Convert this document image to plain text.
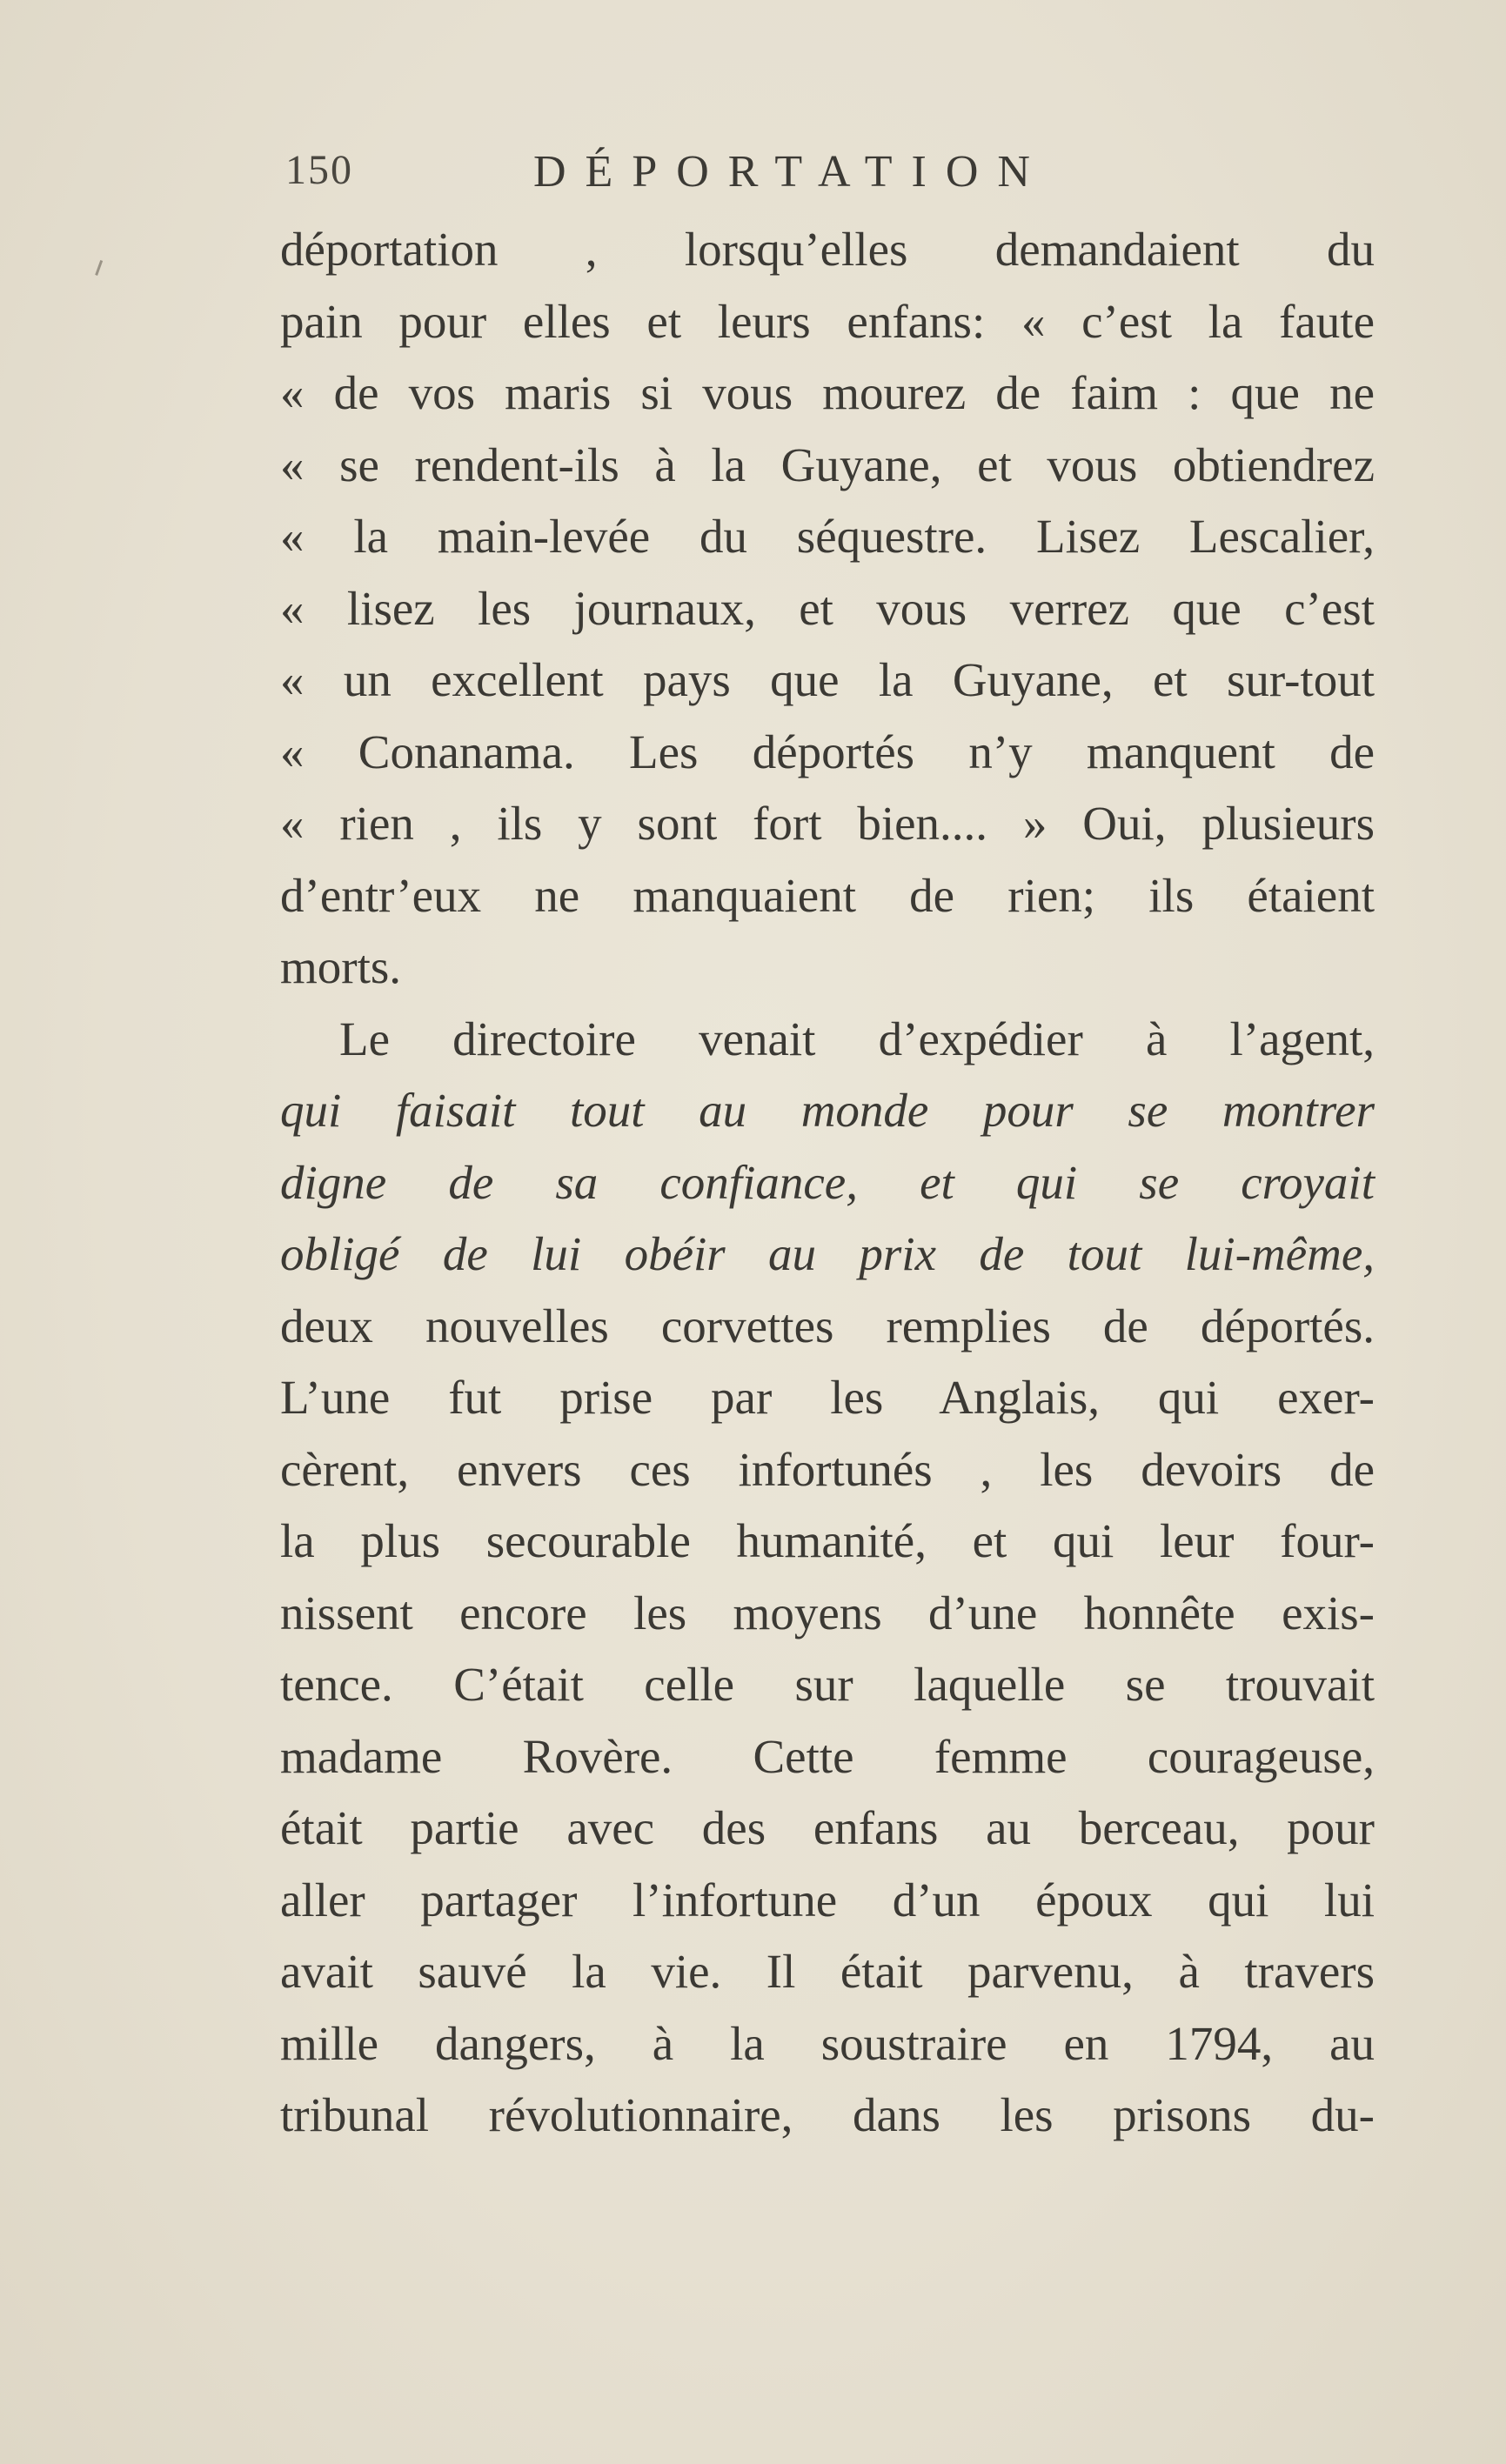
150	DÉPORTATION
déportation , lorsqu’elles demandaient du
pain pour elles et leurs enfans: « c’est la faute
« de vos maris si vous mourez de faim : que ne
« se rendent-ils à la Guyane, et vous obtiendrez
« la main-levée du séquestre. Lisez Lescalier,
« lisez les journaux, et vous verrez que c’est
« un excellent pays que la Guyane, et sur-tout
« Conanama. Les déportés n’y manquent de
« rien , ils y sont fort bien.... » Oui, plusieurs
d’entr’eux ne manquaient de rien; ils étaient
morts.
Le directoire venait d’expédier à l’agent,
qui faisait tout au monde pour se montrer
digne de sa confiance, et qui se croyait
obligé de lui obéir au prix de tout lui-même,
deux nouvelles corvettes remplies de déportés.
L’une fut prise par les Anglais, qui exer-
cèrent, envers ces infortunés , les devoirs de
la plus secourable humanité, et qui leur four-
nissent encore les moyens d’une honnête exis-
tence. C’était celle sur laquelle se trouvait
madame Rovère. Cette femme courageuse,
était partie avec des enfans au berceau, pour
aller partager l’infortune d’un époux qui lui
avait sauvé la vie. Il était parvenu, à travers
mille dangers, à la soustraire en 1794, au
tribunal révolutionnaire, dans les prisons du-
